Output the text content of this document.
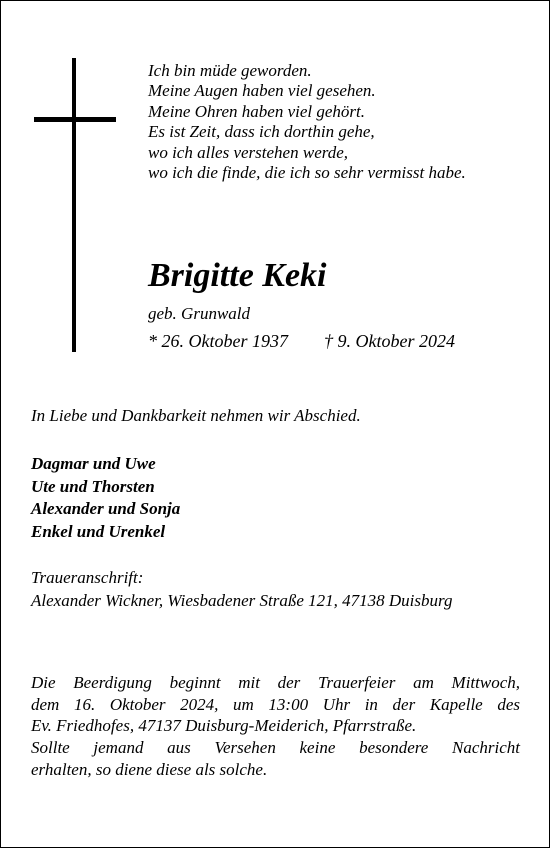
Ich bin müde geworden.
Meine Augen haben viel gesehen.
Meine Ohren haben viel gehört.
Es ist Zeit, dass ich dorthin gehe,
wo ich alles verstehen werde,
wo ich die finde, die ich so sehr vermisst habe.
Brigitte Keki
geb. Grunwald
* 26. Oktober 1937 † 9. Oktober 2024
In Liebe und Dankbarkeit nehmen wir Abschied.
Dagmar und Uwe
Ute und Thorsten
Alexander und Sonja
Enkel und Urenkel
Traueranschrift:
Alexander Wickner, Wiesbadener Straße 121, 47138 Duisburg
Die Beerdigung beginnt mit der Trauerfeier am Mittwoch,
dem 16. Oktober 2024, um 13:00 Uhr in der Kapelle des
Ev. Friedhofes, 47137 Duisburg-Meiderich, Pfarrstraße.
Sollte jemand aus Versehen keine besondere Nachricht
erhalten, so diene diese als solche.
